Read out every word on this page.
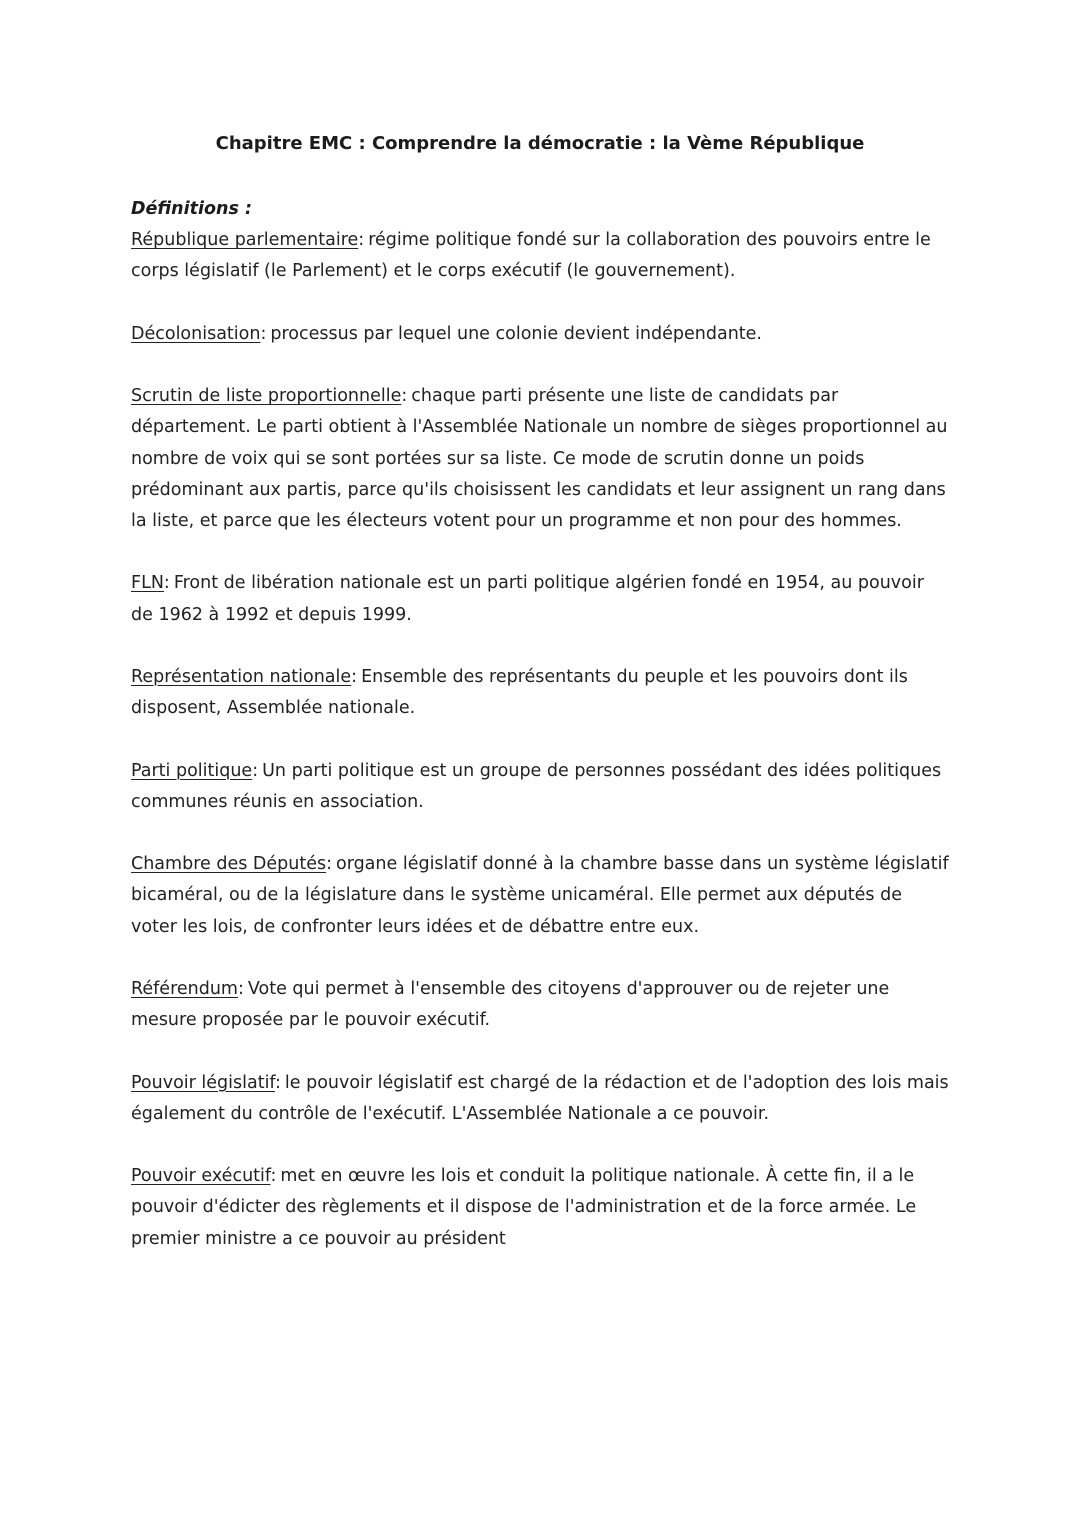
Chapitre EMC : Comprendre la démocratie : la Vème République

Définitions :

République parlementaire: régime politique fondé sur la collaboration des pouvoirs entre le corps législatif (le Parlement) et le corps exécutif (le gouvernement).

Décolonisation: processus par lequel une colonie devient indépendante.

Scrutin de liste proportionnelle: chaque parti présente une liste de candidats par département. Le parti obtient à l'Assemblée Nationale un nombre de sièges proportionnel au nombre de voix qui se sont portées sur sa liste. Ce mode de scrutin donne un poids prédominant aux partis, parce qu'ils choisissent les candidats et leur assignent un rang dans la liste, et parce que les électeurs votent pour un programme et non pour des hommes.

FLN: Front de libération nationale est un parti politique algérien fondé en 1954, au pouvoir de 1962 à 1992 et depuis 1999.

Représentation nationale: Ensemble des représentants du peuple et les pouvoirs dont ils disposent, Assemblée nationale.

Parti politique: Un parti politique est un groupe de personnes possédant des idées politiques communes réunis en association.

Chambre des Députés: organe législatif donné à la chambre basse dans un système législatif bicaméral, ou de la législature dans le système unicaméral. Elle permet aux députés de voter les lois, de confronter leurs idées et de débattre entre eux.

Référendum: Vote qui permet à l'ensemble des citoyens d'approuver ou de rejeter une mesure proposée par le pouvoir exécutif.

Pouvoir législatif: le pouvoir législatif est chargé de la rédaction et de l'adoption des lois mais également du contrôle de l'exécutif. L'Assemblée Nationale a ce pouvoir.

Pouvoir exécutif: met en œuvre les lois et conduit la politique nationale. À cette fin, il a le pouvoir d'édicter des règlements et il dispose de l'administration et de la force armée. Le premier ministre a ce pouvoir au président
